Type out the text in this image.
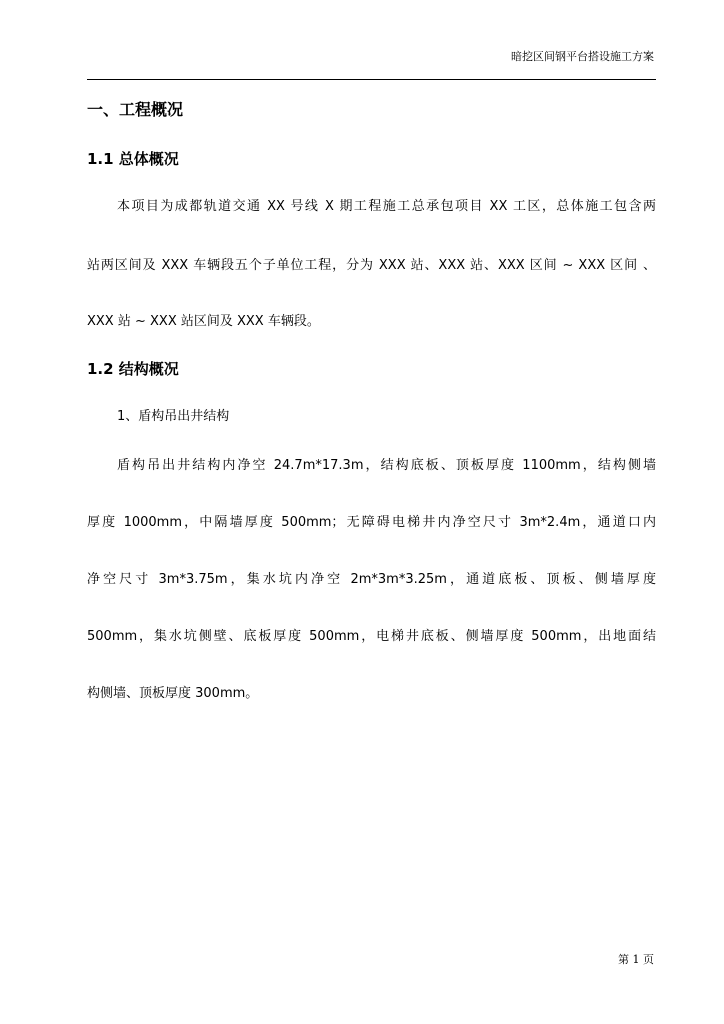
暗挖区间钢平台搭设施工方案
一、工程概况
1.1 总体概况
本项目为成都轨道交通 XX 号线 X 期工程施工总承包项目 XX 工区，总体施工包含两
站两区间及 XXX 车辆段五个子单位工程，分为 XXX 站、XXX 站、XXX 区间 ~ XXX 区间 、
XXX 站 ~ XXX 站区间及 XXX 车辆段。
1.2 结构概况
1、盾构吊出井结构
盾构吊出井结构内净空 24.7m*17.3m，结构底板、顶板厚度 1100mm，结构侧墙
厚度 1000mm，中隔墙厚度 500mm；无障碍电梯井内净空尺寸 3m*2.4m，通道口内
净空尺寸 3m*3.75m，集水坑内净空 2m*3m*3.25m，通道底板、顶板、侧墙厚度
500mm，集水坑侧壁、底板厚度 500mm，电梯井底板、侧墙厚度 500mm，出地面结
构侧墙、顶板厚度 300mm。
第 1 页
